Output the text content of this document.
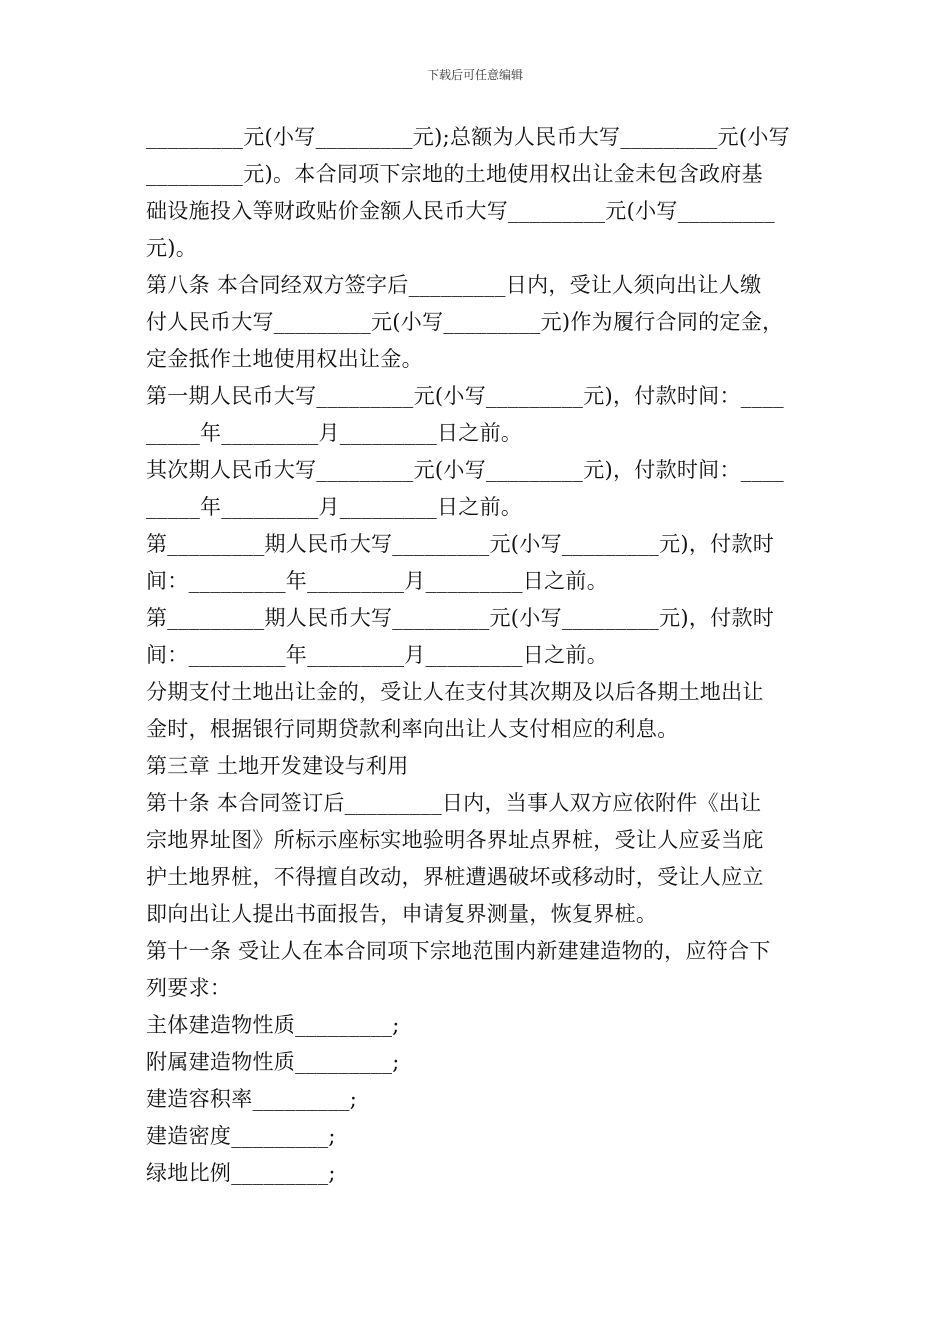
下载后可任意编辑
_________元(小写_________元);总额为人民币大写_________元(小写
_________元)。本合同项下宗地的土地使用权出让金未包含政府基
础设施投入等财政贴价金额人民币大写_________元(小写_________
元)。
第八条 本合同经双方签字后_________日内，受让人须向出让人缴
付人民币大写_________元(小写_________元)作为履行合同的定金，
定金抵作土地使用权出让金。
第一期人民币大写_________元(小写_________元)，付款时间：____
_____年_________月_________日之前。
其次期人民币大写_________元(小写_________元)，付款时间：____
_____年_________月_________日之前。
第_________期人民币大写_________元(小写_________元)，付款时
间：_________年_________月_________日之前。
第_________期人民币大写_________元(小写_________元)，付款时
间：_________年_________月_________日之前。
分期支付土地出让金的，受让人在支付其次期及以后各期土地出让
金时，根据银行同期贷款利率向出让人支付相应的利息。
第三章 土地开发建设与利用
第十条 本合同签订后_________日内，当事人双方应依附件《出让
宗地界址图》所标示座标实地验明各界址点界桩，受让人应妥当庇
护土地界桩，不得擅自改动，界桩遭遇破坏或移动时，受让人应立
即向出让人提出书面报告，申请复界测量，恢复界桩。
第十一条 受让人在本合同项下宗地范围内新建建造物的，应符合下
列要求：
主体建造物性质_________;
附属建造物性质_________;
建造容积率_________;
建造密度_________;
绿地比例_________;
